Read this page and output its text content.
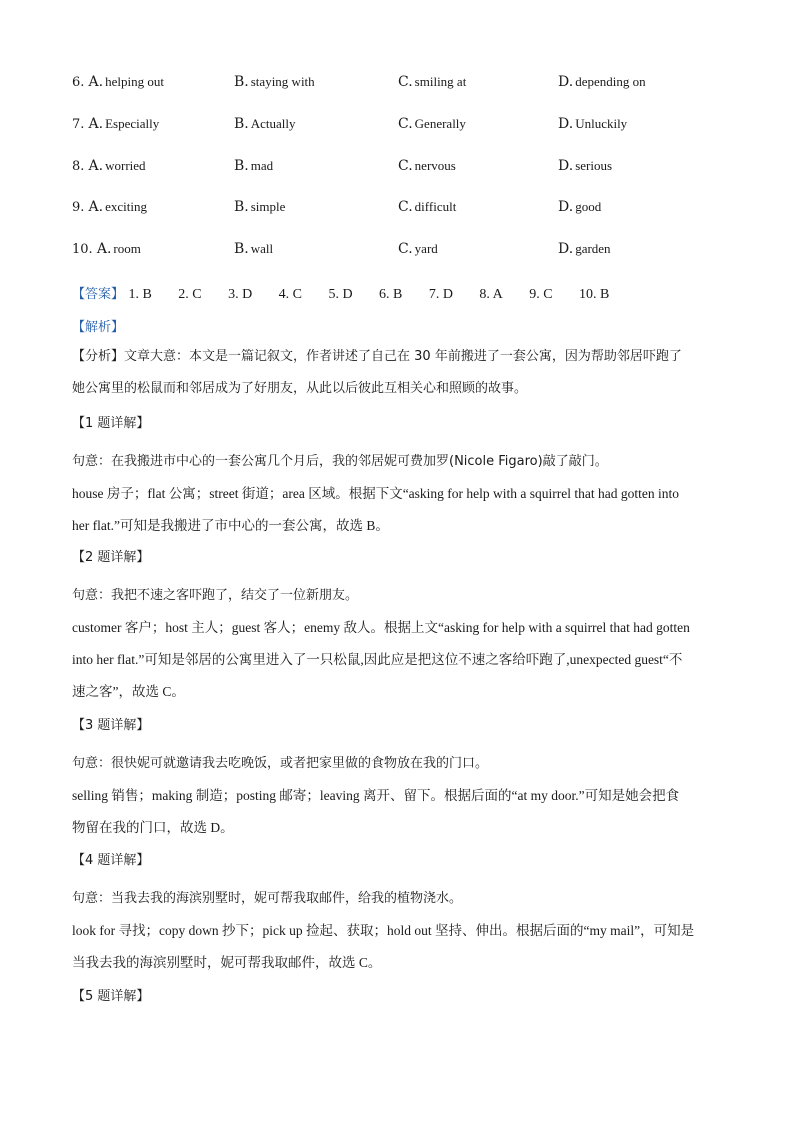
6. A. helping out	B. staying with	C. smiling at	D. depending on
7. A. Especially	B. Actually	C. Generally	D. Unluckily
8. A. worried	B. mad	C. nervous	D. serious
9. A. exciting	B. simple	C. difficult	D. good
10. A. room	B. wall	C. yard	D. garden
【答案】 1. B 2. C 3. D 4. C 5. D 6. B 7. D 8. A 9. C 10. B
【解析】
【分析】文章大意：本文是一篇记叙文，作者讲述了自己在 30 年前搬进了一套公寓，因为帮助邻居吓跑了
她公寓里的松鼠而和邻居成为了好朋友，从此以后彼此互相关心和照顾的故事。
【1 题详解】
句意：在我搬进市中心的一套公寓几个月后，我的邻居妮可费加罗(Nicole Figaro)敲了敲门。
house 房子；flat 公寓；street 街道；area 区域。根据下文“asking for help with a squirrel that had gotten into
her flat.”可知是我搬进了市中心的一套公寓，故选 B。
【2 题详解】
句意：我把不速之客吓跑了，结交了一位新朋友。
customer 客户；host 主人；guest 客人；enemy 敌人。根据上文“asking for help with a squirrel that had gotten
into her flat.”可知是邻居的公寓里进入了一只松鼠,因此应是把这位不速之客给吓跑了,unexpected guest“不
速之客”，故选 C。
【3 题详解】
句意：很快妮可就邀请我去吃晚饭，或者把家里做的食物放在我的门口。
selling 销售；making 制造；posting 邮寄；leaving 离开、留下。根据后面的“at my door.”可知是她会把食
物留在我的门口，故选 D。
【4 题详解】
句意：当我去我的海滨别墅时，妮可帮我取邮件，给我的植物浇水。
look for 寻找；copy down 抄下；pick up 捡起、获取；hold out 坚持、伸出。根据后面的“my mail”，可知是
当我去我的海滨别墅时，妮可帮我取邮件，故选 C。
【5 题详解】
